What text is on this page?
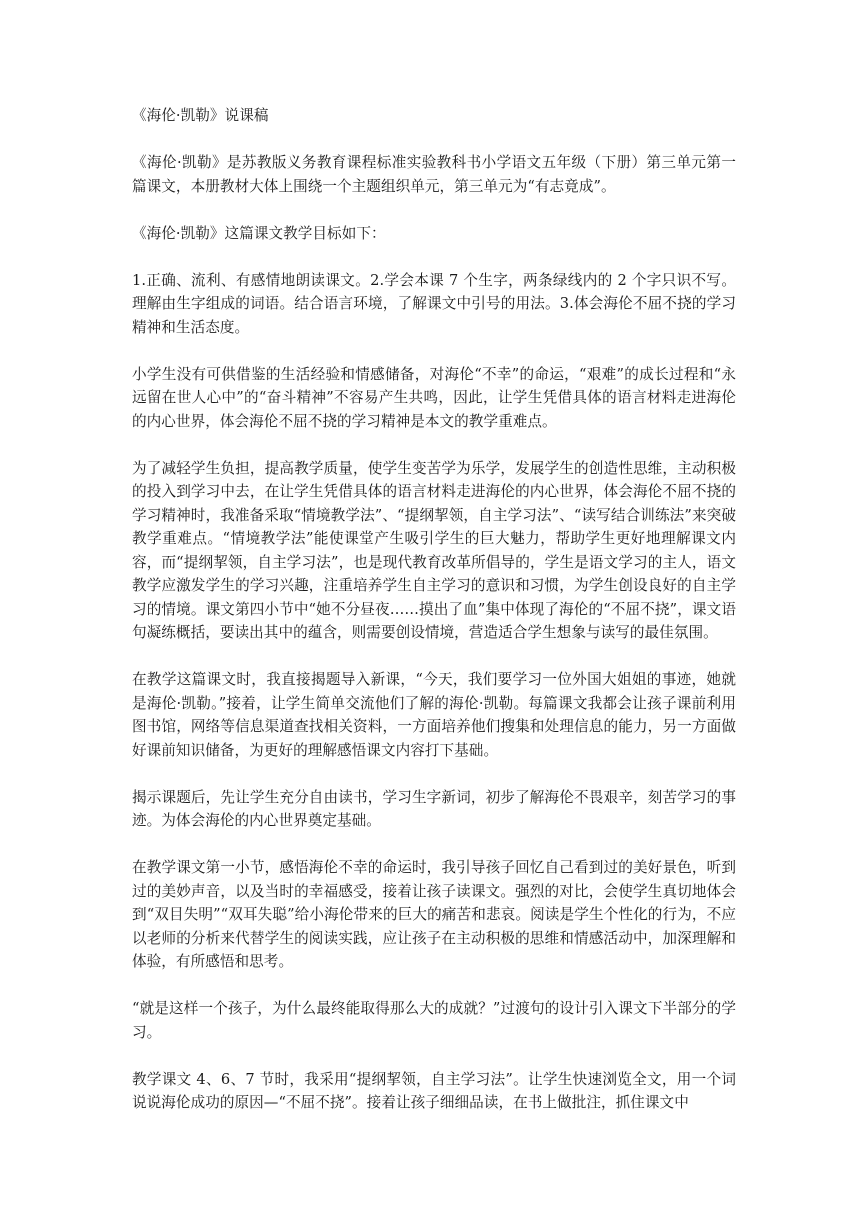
《海伦·凯勒》说课稿

《海伦·凯勒》是苏教版义务教育课程标准实验教科书小学语文五年级（下册）第三单元第一篇课文，本册教材大体上围绕一个主题组织单元，第三单元为“有志竟成”。

《海伦·凯勒》这篇课文教学目标如下：

1.正确、流利、有感情地朗读课文。2.学会本课 7 个生字，两条绿线内的 2 个字只识不写。理解由生字组成的词语。结合语言环境，了解课文中引号的用法。3.体会海伦不屈不挠的学习精神和生活态度。

小学生没有可供借鉴的生活经验和情感储备，对海伦“不幸”的命运，“艰难”的成长过程和“永远留在世人心中”的“奋斗精神”不容易产生共鸣，因此，让学生凭借具体的语言材料走进海伦的内心世界，体会海伦不屈不挠的学习精神是本文的教学重难点。

为了减轻学生负担，提高教学质量，使学生变苦学为乐学，发展学生的创造性思维，主动积极的投入到学习中去，在让学生凭借具体的语言材料走进海伦的内心世界，体会海伦不屈不挠的学习精神时，我准备采取“情境教学法”、“提纲挈领，自主学习法”、“读写结合训练法”来突破教学重难点。“情境教学法”能使课堂产生吸引学生的巨大魅力，帮助学生更好地理解课文内容，而“提纲挈领，自主学习法”，也是现代教育改革所倡导的，学生是语文学习的主人，语文教学应激发学生的学习兴趣，注重培养学生自主学习的意识和习惯，为学生创设良好的自主学习的情境。课文第四小节中“她不分昼夜……摸出了血”集中体现了海伦的“不屈不挠”，课文语句凝练概括，要读出其中的蕴含，则需要创设情境，营造适合学生想象与读写的最佳氛围。

在教学这篇课文时，我直接揭题导入新课，“今天，我们要学习一位外国大姐姐的事迹，她就是海伦·凯勒。”接着，让学生简单交流他们了解的海伦·凯勒。每篇课文我都会让孩子课前利用图书馆，网络等信息渠道查找相关资料，一方面培养他们搜集和处理信息的能力，另一方面做好课前知识储备，为更好的理解感悟课文内容打下基础。

揭示课题后，先让学生充分自由读书，学习生字新词，初步了解海伦不畏艰辛，刻苦学习的事迹。为体会海伦的内心世界奠定基础。

在教学课文第一小节，感悟海伦不幸的命运时，我引导孩子回忆自己看到过的美好景色，听到过的美妙声音，以及当时的幸福感受，接着让孩子读课文。强烈的对比，会使学生真切地体会到“双目失明”“双耳失聪”给小海伦带来的巨大的痛苦和悲哀。阅读是学生个性化的行为，不应以老师的分析来代替学生的阅读实践，应让孩子在主动积极的思维和情感活动中，加深理解和体验，有所感悟和思考。

“就是这样一个孩子，为什么最终能取得那么大的成就？”过渡句的设计引入课文下半部分的学习。

教学课文 4、6、7 节时，我采用“提纲挈领，自主学习法”。让学生快速浏览全文，用一个词说说海伦成功的原因—“不屈不挠”。接着让孩子细细品读，在书上做批注，抓住课文中
